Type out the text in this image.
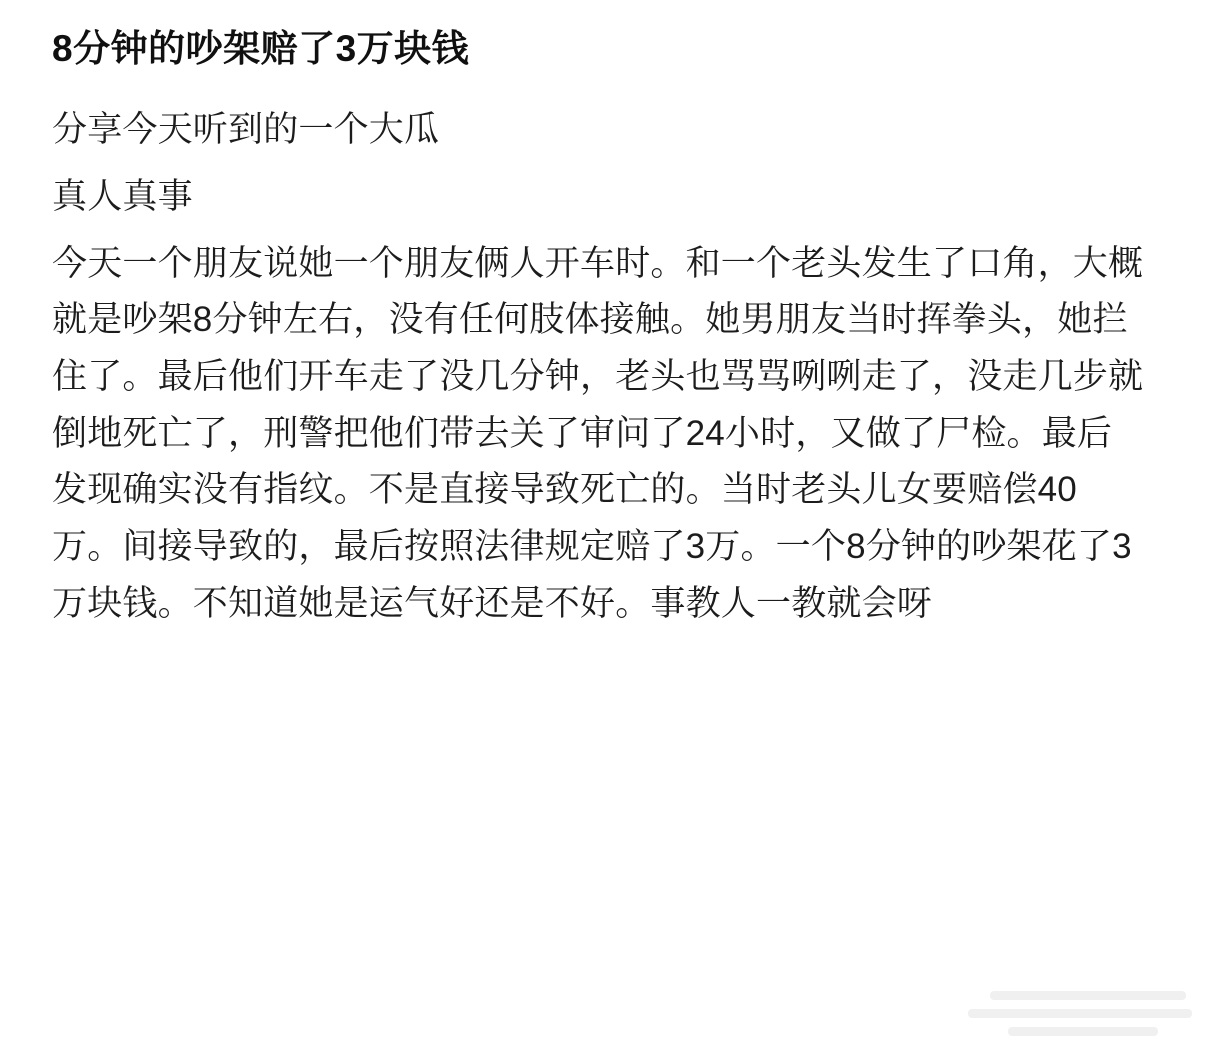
8分钟的吵架赔了3万块钱

分享今天听到的一个大瓜

真人真事

今天一个朋友说她一个朋友俩人开车时。和一个老头发生了口角，大概就是吵架8分钟左右，没有任何肢体接触。她男朋友当时挥拳头，她拦住了。最后他们开车走了没几分钟，老头也骂骂咧咧走了，没走几步就倒地死亡了，刑警把他们带去关了审问了24小时，又做了尸检。最后发现确实没有指纹。不是直接导致死亡的。当时老头儿女要赔偿40万。间接导致的，最后按照法律规定赔了3万。一个8分钟的吵架花了3万块钱。不知道她是运气好还是不好。事教人一教就会呀
